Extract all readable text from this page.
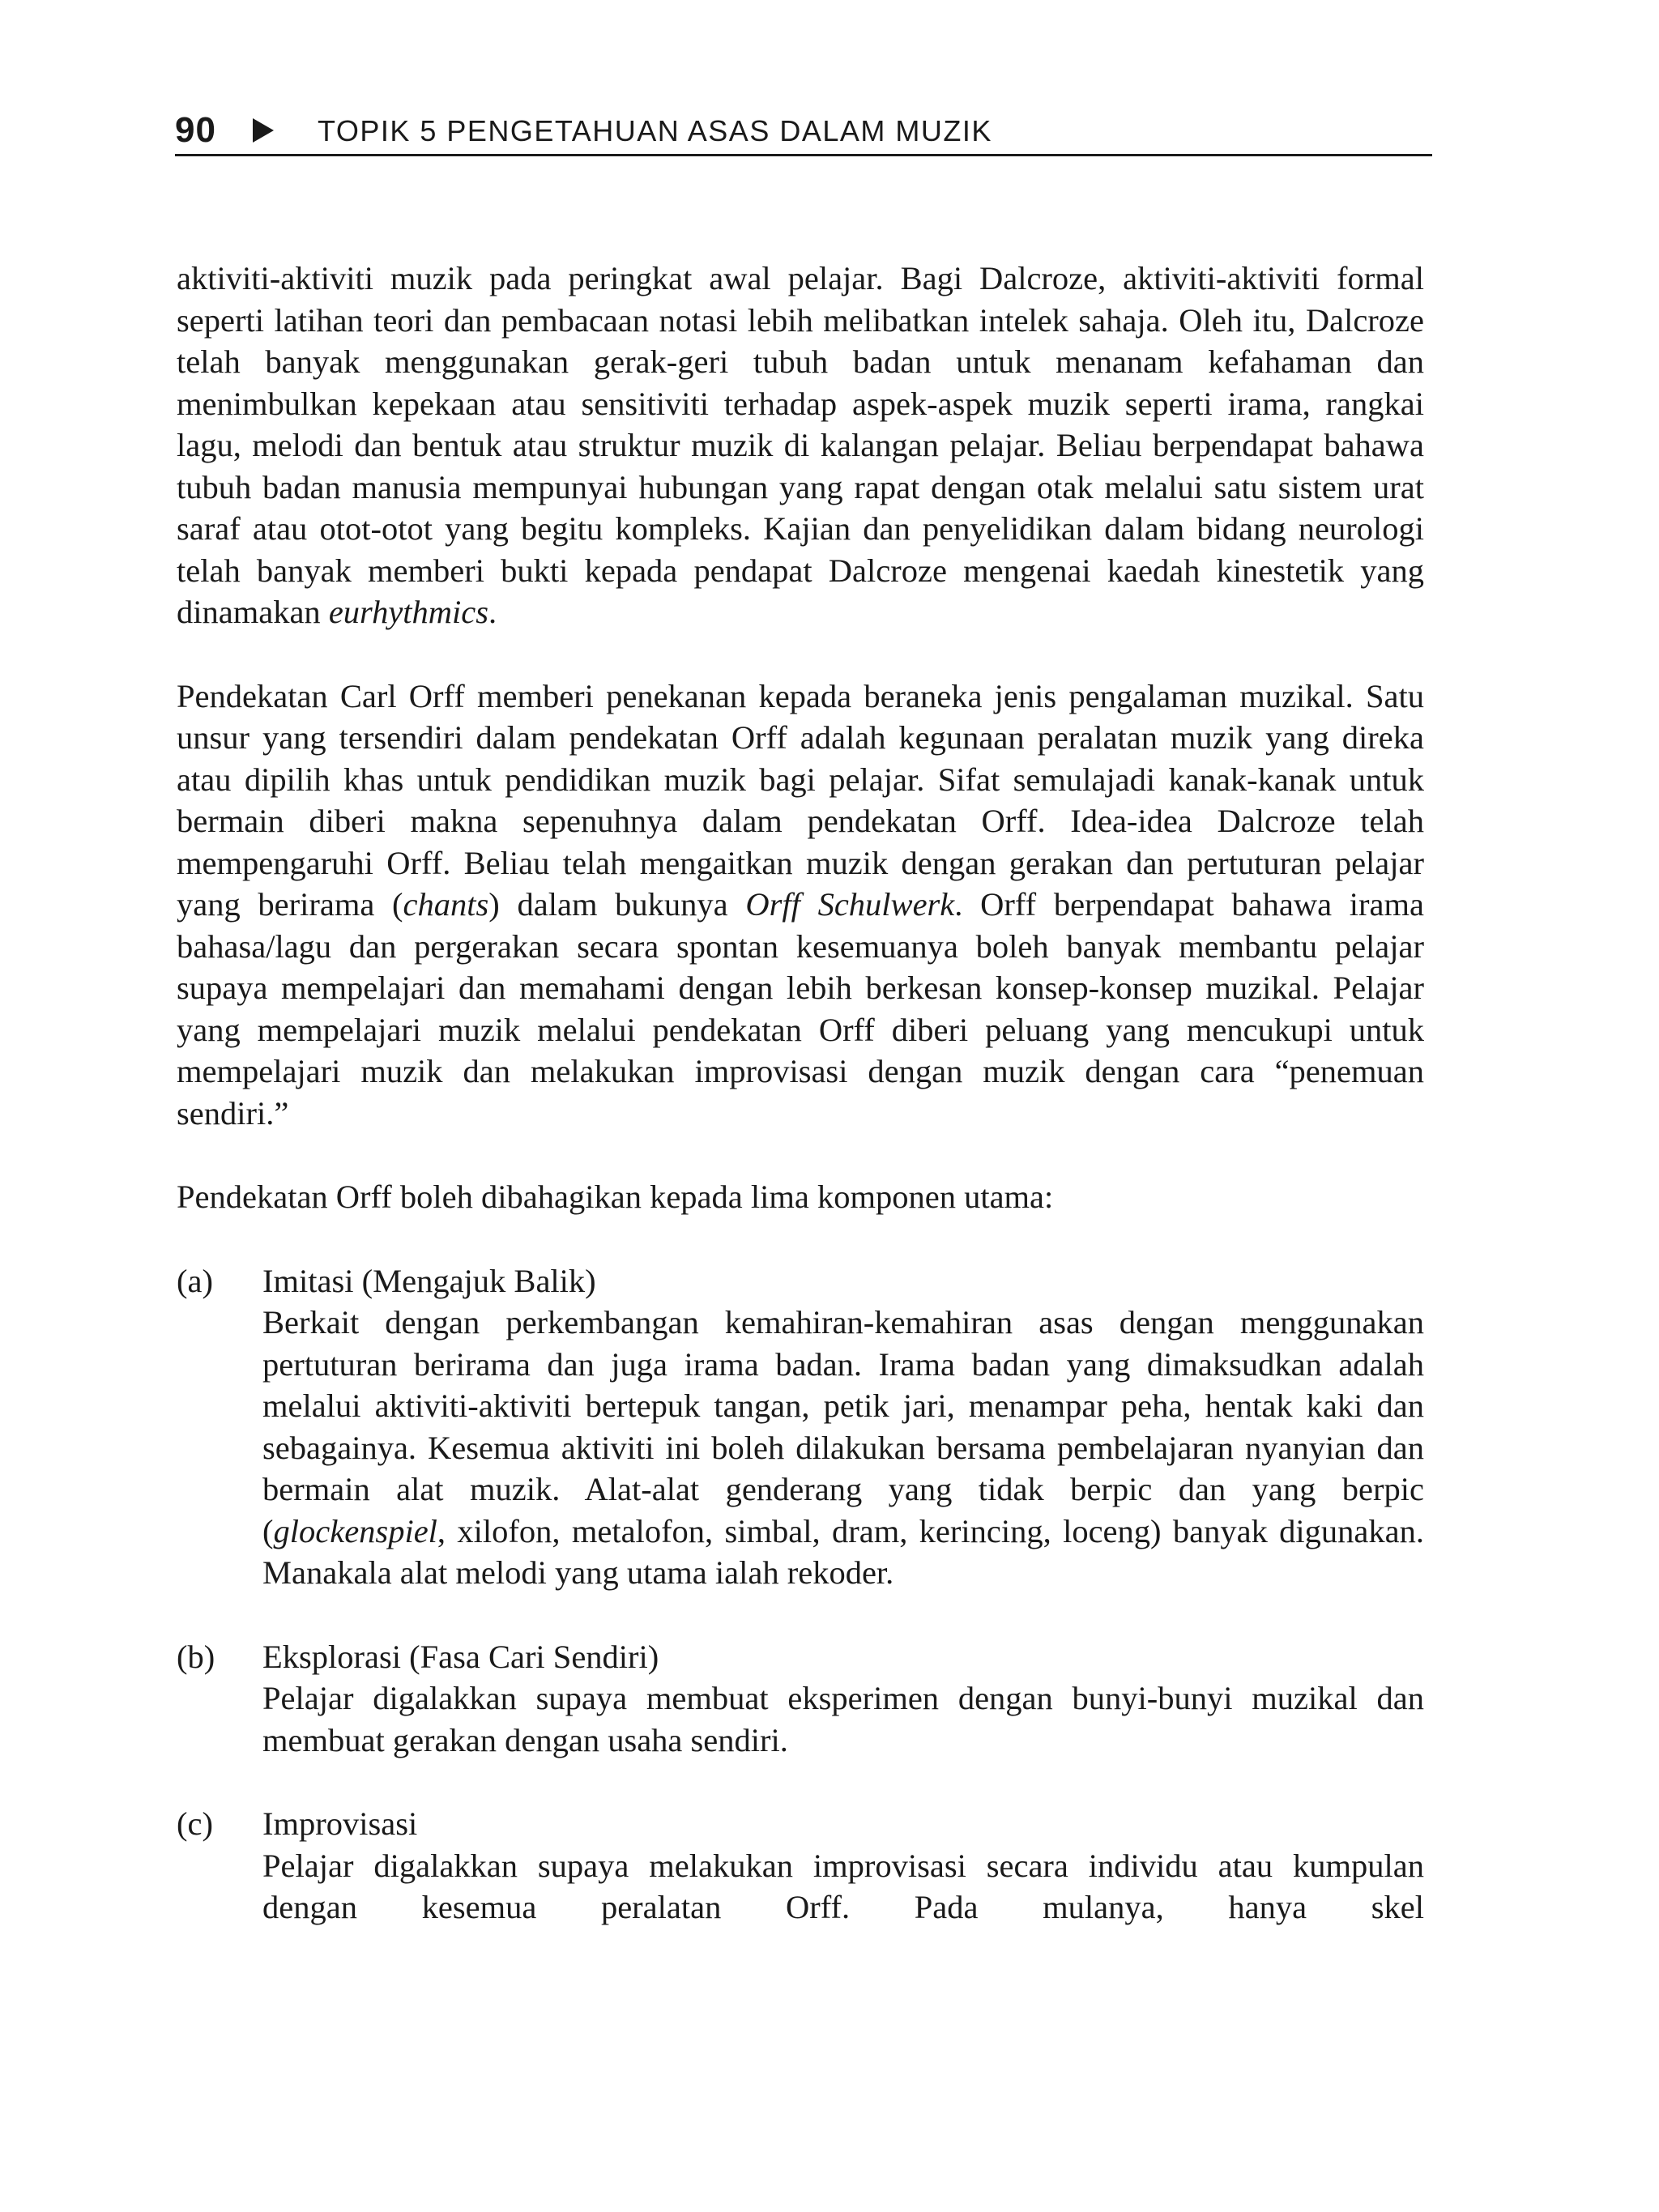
90	TOPIK 5 PENGETAHUAN ASAS DALAM MUZIK

aktiviti-aktiviti muzik pada peringkat awal pelajar. Bagi Dalcroze, aktiviti-aktiviti formal seperti latihan teori dan pembacaan notasi lebih melibatkan intelek sahaja. Oleh itu, Dalcroze telah banyak menggunakan gerak-geri tubuh badan untuk menanam kefahaman dan menimbulkan kepekaan atau sensitiviti terhadap aspek-aspek muzik seperti irama, rangkai lagu, melodi dan bentuk atau struktur muzik di kalangan pelajar. Beliau berpendapat bahawa tubuh badan manusia mempunyai hubungan yang rapat dengan otak melalui satu sistem urat saraf atau otot-otot yang begitu kompleks. Kajian dan penyelidikan dalam bidang neurologi telah banyak memberi bukti kepada pendapat Dalcroze mengenai kaedah kinestetik yang dinamakan eurhythmics.

Pendekatan Carl Orff memberi penekanan kepada beraneka jenis pengalaman muzikal. Satu unsur yang tersendiri dalam pendekatan Orff adalah kegunaan peralatan muzik yang direka atau dipilih khas untuk pendidikan muzik bagi pelajar. Sifat semulajadi kanak-kanak untuk bermain diberi makna sepenuhnya dalam pendekatan Orff. Idea-idea Dalcroze telah mempengaruhi Orff. Beliau telah mengaitkan muzik dengan gerakan dan pertuturan pelajar yang berirama (chants) dalam bukunya Orff Schulwerk. Orff berpendapat bahawa irama bahasa/lagu dan pergerakan secara spontan kesemuanya boleh banyak membantu pelajar supaya mempelajari dan memahami dengan lebih berkesan konsep-konsep muzikal. Pelajar yang mempelajari muzik melalui pendekatan Orff diberi peluang yang mencukupi untuk mempelajari muzik dan melakukan improvisasi dengan muzik dengan cara “penemuan sendiri.”

Pendekatan Orff boleh dibahagikan kepada lima komponen utama:

(a) Imitasi (Mengajuk Balik)
Berkait dengan perkembangan kemahiran-kemahiran asas dengan menggunakan pertuturan berirama dan juga irama badan. Irama badan yang dimaksudkan adalah melalui aktiviti-aktiviti bertepuk tangan, petik jari, menampar peha, hentak kaki dan sebagainya. Kesemua aktiviti ini boleh dilakukan bersama pembelajaran nyanyian dan bermain alat muzik. Alat-alat genderang yang tidak berpic dan yang berpic (glockenspiel, xilofon, metalofon, simbal, dram, kerincing, loceng) banyak digunakan. Manakala alat melodi yang utama ialah rekoder.
(b) Eksplorasi (Fasa Cari Sendiri)
Pelajar digalakkan supaya membuat eksperimen dengan bunyi-bunyi muzikal dan membuat gerakan dengan usaha sendiri.
(c) Improvisasi
Pelajar digalakkan supaya melakukan improvisasi secara individu atau kumpulan dengan kesemua peralatan Orff. Pada mulanya, hanya skel
